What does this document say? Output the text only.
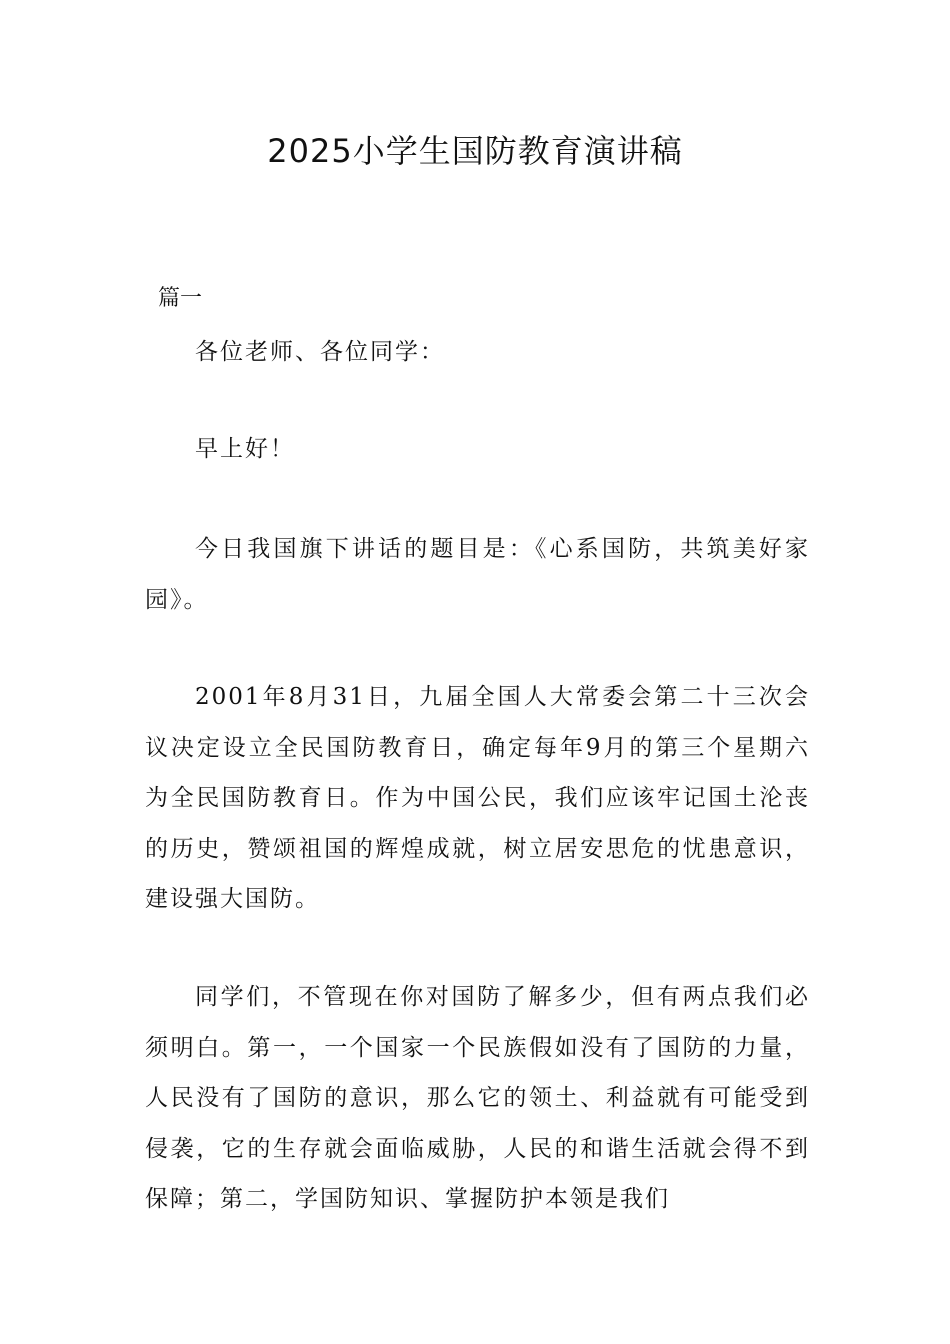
2025小学生国防教育演讲稿

篇一

各位老师、各位同学：

早上好！

今日我国旗下讲话的题目是：《心系国防，共筑美好家园》。

2001年8月31日，九届全国人大常委会第二十三次会议决定设立全民国防教育日，确定每年9月的第三个星期六为全民国防教育日。作为中国公民，我们应该牢记国土沦丧的历史，赞颂祖国的辉煌成就，树立居安思危的忧患意识，建设强大国防。

同学们，不管现在你对国防了解多少，但有两点我们必须明白。第一，一个国家一个民族假如没有了国防的力量，人民没有了国防的意识，那么它的领土、利益就有可能受到侵袭，它的生存就会面临威胁，人民的和谐生活就会得不到保障；第二，学国防知识、掌握防护本领是我们
